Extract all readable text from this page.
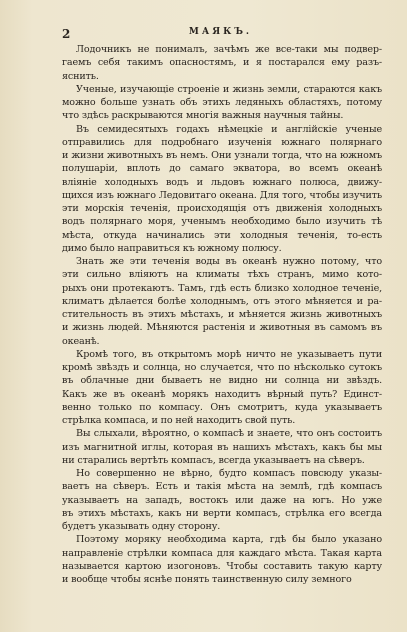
2	МАЯКЪ.
Лодочникъ не понималъ, зачѣмъ же все-таки мы подвер-
гаемъ себя такимъ опасностямъ, и я постарался ему разъ-
яснить.
Ученые, изучающіе строеніе и жизнь земли, стараются какъ
можно больше узнать объ этихъ ледяныхъ областяхъ, потому
что здѣсь раскрываются многія важныя научныя тайны.
Въ семидесятыхъ годахъ нѣмецкіе и англійскіе ученые
отправились для подробнаго изученія южнаго полярнаго
и жизни животныхъ въ немъ. Они узнали тогда, что на южномъ
полушаріи, вплоть до самаго экватора, во всемъ океанѣ
вліяніе холодныхъ водъ и льдовъ южнаго полюса, движу-
щихся изъ южнаго Ледовитаго океана. Для того, чтобы изучить
эти морскія теченія, происходящія отъ движенія холодныхъ
водъ полярнаго моря, ученымъ необходимо было изучить тѣ
мѣста, откуда начинались эти холодныя теченія, то-есть
димо было направиться къ южному полюсу.
Знать же эти теченія воды въ океанѣ нужно потому, что
эти сильно вліяютъ на климаты тѣхъ странъ, мимо кото-
рыхъ они протекаютъ. Тамъ, гдѣ есть близко холодное теченіе,
климатъ дѣлается болѣе холоднымъ, отъ этого мѣняется и ра-
стительность въ этихъ мѣстахъ, и мѣняется жизнь животныхъ
и жизнь людей. Мѣняются растенія и животныя въ самомъ въ
океанѣ.
Кромѣ того, въ открытомъ морѣ ничто не указываетъ пути
кромѣ звѣздъ и солнца, но случается, что по нѣсколько сутокъ
въ облачные дни бываетъ не видно ни солнца ни звѣздъ.
Какъ же въ океанѣ морякъ находитъ вѣрный путь? Единст-
венно только по компасу. Онъ смотритъ, куда указываетъ
стрѣлка компаса, и по ней находитъ свой путь.
Вы слыхали, вѣроятно, о компасѣ и знаете, что онъ состоитъ
изъ магнитной иглы, которая въ нашихъ мѣстахъ, какъ бы мы
ни старались вертѣть компасъ, всегда указываетъ на сѣверъ.
Но совершенно не вѣрно, будто компасъ повсюду указы-
ваетъ на сѣверъ. Есть и такія мѣста на землѣ, гдѣ компасъ
указываетъ на западъ, востокъ или даже на югъ. Но уже
въ этихъ мѣстахъ, какъ ни верти компасъ, стрѣлка его всегда
будетъ указывать одну сторону.
Поэтому моряку необходима карта, гдѣ бы было указано
направленіе стрѣлки компаса для каждаго мѣста. Такая карта
называется картою изогоновъ. Чтобы составить такую карту
и вообще чтобы яснѣе понять таинственную силу земного
